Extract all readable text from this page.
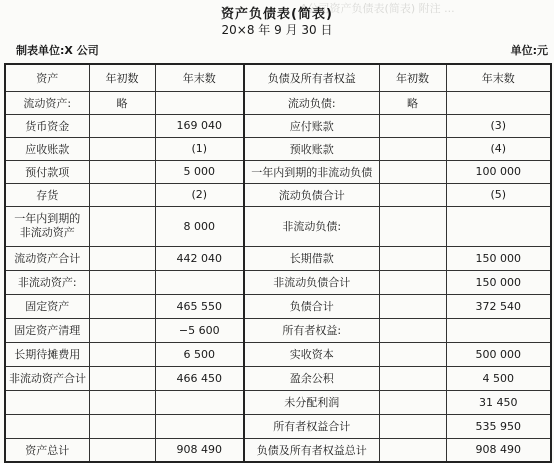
A公司资产负债表(简表) 附注 ...
资产负债表(简表)
20×8 年 9 月 30 日
制表单位:X 公司	单位:元
资产	年初数	年末数	负债及所有者权益	年初数	年末数
流动资产:	略		流动负债:	略	
货币资金		169 040	应付账款		(3)
应收账款		(1)	预收账款		(4)
预付款项		5 000	一年内到期的非流动负债		100 000
存货		(2)	流动负债合计		(5)
一年内到期的非流动资产		8 000	非流动负债:		
流动资产合计		442 040	长期借款		150 000
非流动资产:			非流动负债合计		150 000
固定资产		465 550	负债合计		372 540
固定资产清理		−5 600	所有者权益:		
长期待摊费用		6 500	实收资本		500 000
非流动资产合计		466 450	盈余公积		4 500
			未分配利润		31 450
			所有者权益合计		535 950
资产总计		908 490	负债及所有者权益总计		908 490
